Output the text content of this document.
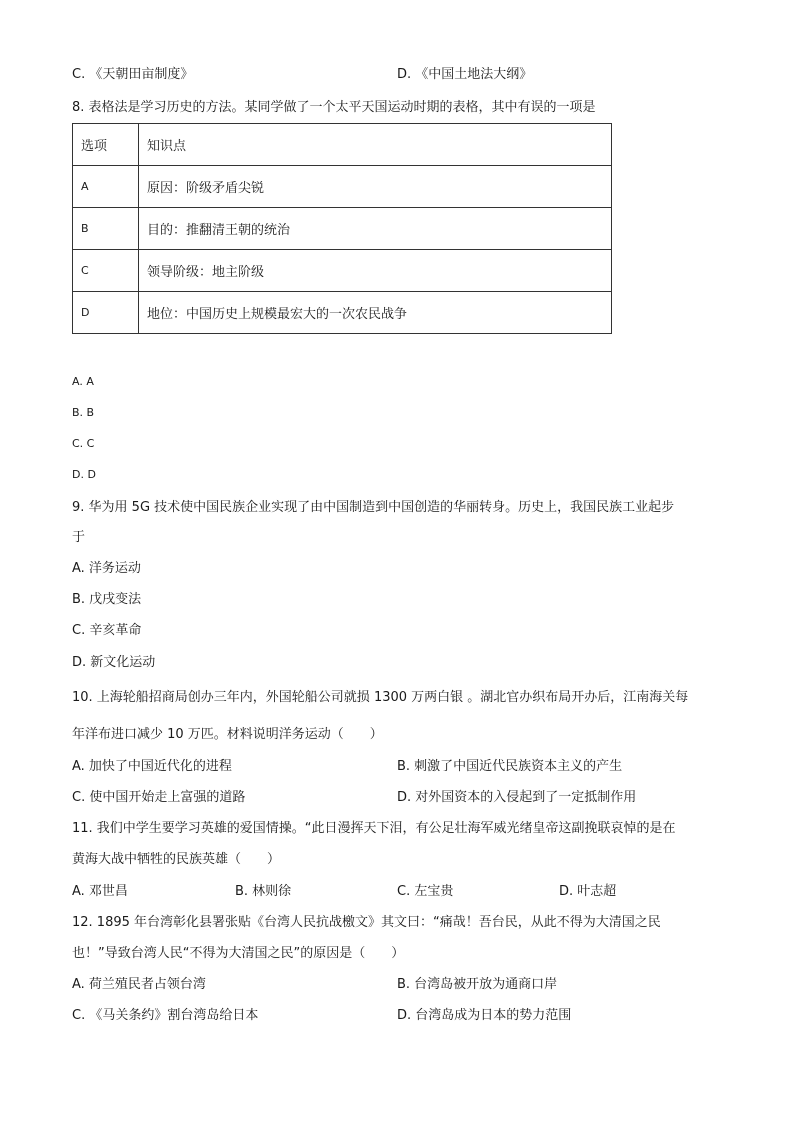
C. 《天朝田亩制度》	D. 《中国土地法大纲》
8. 表格法是学习历史的方法。某同学做了一个太平天国运动时期的表格，其中有误的一项是
选项	知识点
A	原因：阶级矛盾尖锐
B	目的：推翻清王朝的统治
C	领导阶级：地主阶级
D	地位：中国历史上规模最宏大的一次农民战争
A. A
B. B
C. C
D. D
9. 华为用 5G 技术使中国民族企业实现了由中国制造到中国创造的华丽转身。历史上，我国民族工业起步
于
A. 洋务运动
B. 戊戌变法
C. 辛亥革命
D. 新文化运动
10. 上海轮船招商局创办三年内，外国轮船公司就损 1300 万两白银 。湖北官办织布局开办后，江南海关每
年洋布进口减少 10 万匹。材料说明洋务运动（　　）
A. 加快了中国近代化的进程	B. 刺激了中国近代民族资本主义的产生
C. 使中国开始走上富强的道路	D. 对外国资本的入侵起到了一定抵制作用
11. 我们中学生要学习英雄的爱国情操。“此日漫挥天下泪，有公足壮海军威光绪皇帝这副挽联哀悼的是在
黄海大战中牺牲的民族英雄（　　）
A. 邓世昌	B. 林则徐	C. 左宝贵	D. 叶志超
12. 1895 年台湾彰化县署张贴《台湾人民抗战檄文》其文曰：“痛哉！吾台民，从此不得为大清国之民
也！”导致台湾人民“不得为大清国之民”的原因是（　　）
A. 荷兰殖民者占领台湾	B. 台湾岛被开放为通商口岸
C. 《马关条约》割台湾岛给日本	D. 台湾岛成为日本的势力范围
